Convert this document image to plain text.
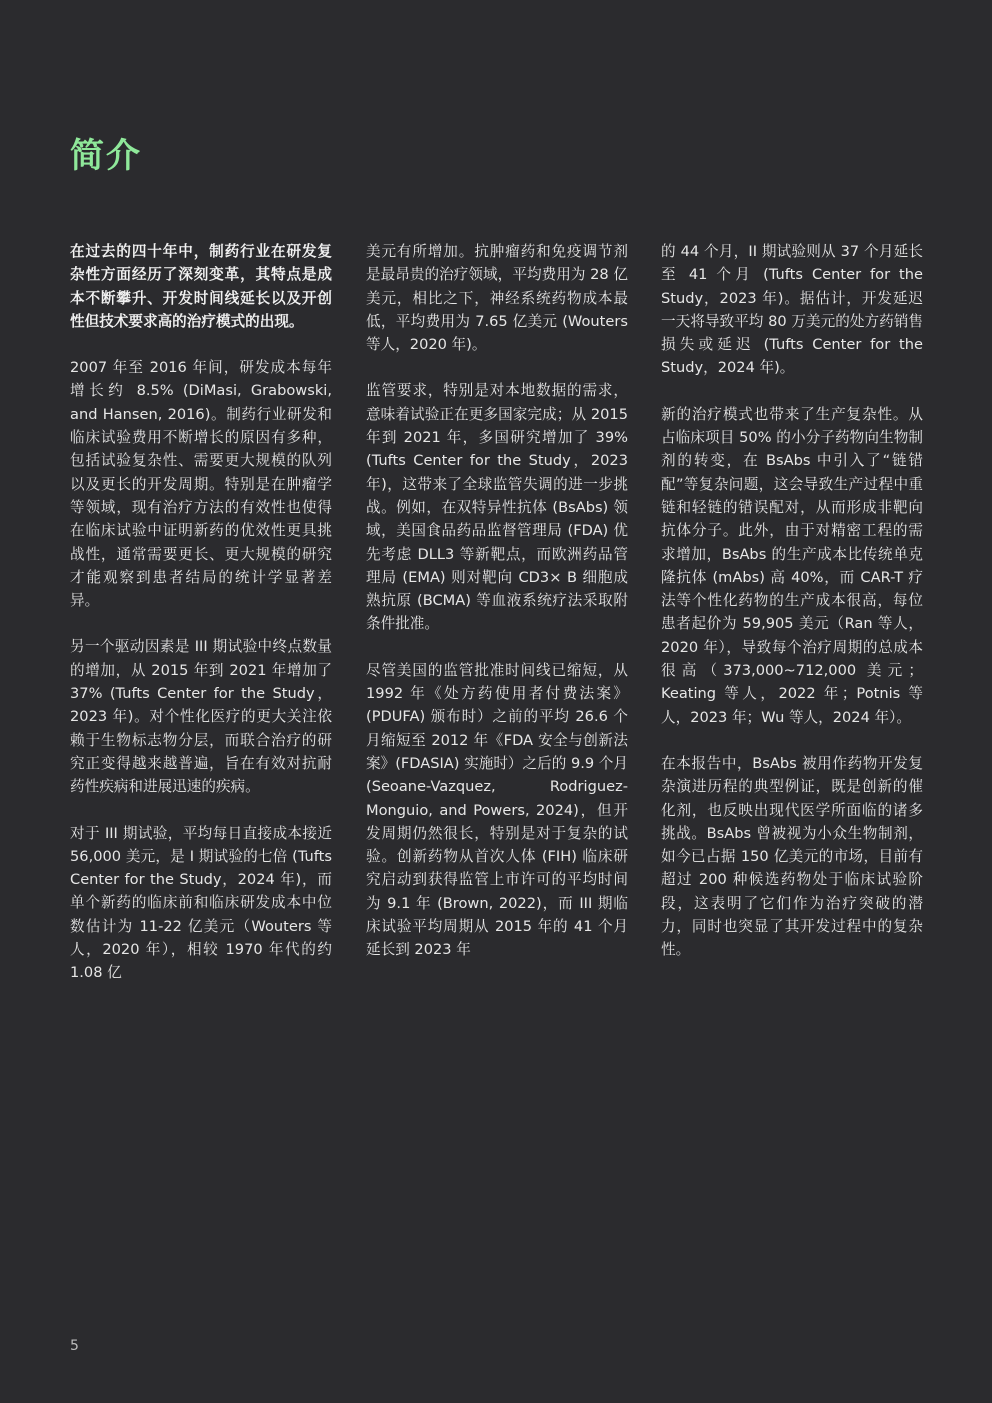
简介

在过去的四十年中，制药行业在研发复杂性方面经历了深刻变革，其特点是成本不断攀升、开发时间线延长以及开创性但技术要求高的治疗模式的出现。

2007 年至 2016 年间，研发成本每年增长约 8.5% (DiMasi, Grabowski, and Hansen, 2016)。制药行业研发和临床试验费用不断增长的原因有多种，包括试验复杂性、需要更大规模的队列以及更长的开发周期。特别是在肿瘤学等领域，现有治疗方法的有效性也使得在临床试验中证明新药的优效性更具挑战性，通常需要更长、更大规模的研究才能观察到患者结局的统计学显著差异。

另一个驱动因素是 III 期试验中终点数量的增加，从 2015 年到 2021 年增加了 37% (Tufts Center for the Study，2023 年)。对个性化医疗的更大关注依赖于生物标志物分层，而联合治疗的研究正变得越来越普遍，旨在有效对抗耐药性疾病和进展迅速的疾病。

对于 III 期试验，平均每日直接成本接近 56,000 美元，是 I 期试验的七倍 (Tufts Center for the Study，2024 年)，而单个新药的临床前和临床研发成本中位数估计为 11-22 亿美元（Wouters 等人，2020 年），相较 1970 年代的约 1.08 亿

美元有所增加。抗肿瘤药和免疫调节剂是最昂贵的治疗领域，平均费用为 28 亿美元，相比之下，神经系统药物成本最低，平均费用为 7.65 亿美元 (Wouters 等人，2020 年)。

监管要求，特别是对本地数据的需求，意味着试验正在更多国家完成；从 2015 年到 2021 年，多国研究增加了 39% (Tufts Center for the Study，2023 年)，这带来了全球监管失调的进一步挑战。例如，在双特异性抗体 (BsAbs) 领域，美国食品药品监督管理局 (FDA) 优先考虑 DLL3 等新靶点，而欧洲药品管理局 (EMA) 则对靶向 CD3× B 细胞成熟抗原 (BCMA) 等血液系统疗法采取附条件批准。

尽管美国的监管批准时间线已缩短，从 1992 年《处方药使用者付费法案》(PDUFA) 颁布时）之前的平均 26.6 个月缩短至 2012 年《FDA 安全与创新法案》(FDASIA) 实施时）之后的 9.9 个月 (Seoane-Vazquez, Rodriguez-Monguio, and Powers, 2024)，但开发周期仍然很长，特别是对于复杂的试验。创新药物从首次人体 (FIH) 临床研究启动到获得监管上市许可的平均时间为 9.1 年 (Brown, 2022)，而 III 期临床试验平均周期从 2015 年的 41 个月延长到 2023 年

的 44 个月，II 期试验则从 37 个月延长至 41 个月 (Tufts Center for the Study，2023 年)。据估计，开发延迟一天将导致平均 80 万美元的处方药销售损失或延迟 (Tufts Center for the Study，2024 年)。

新的治疗模式也带来了生产复杂性。从占临床项目 50% 的小分子药物向生物制剂的转变，在 BsAbs 中引入了“链错配”等复杂问题，这会导致生产过程中重链和轻链的错误配对，从而形成非靶向抗体分子。此外，由于对精密工程的需求增加，BsAbs 的生产成本比传统单克隆抗体 (mAbs) 高 40%，而 CAR-T 疗法等个性化药物的生产成本很高，每位患者起价为 59,905 美元（Ran 等人，2020 年），导致每个治疗周期的总成本很高（373,000~712,000 美元；Keating 等人，2022 年；Potnis 等人，2023 年；Wu 等人，2024 年）。

在本报告中，BsAbs 被用作药物开发复杂演进历程的典型例证，既是创新的催化剂，也反映出现代医学所面临的诸多挑战。BsAbs 曾被视为小众生物制剂，如今已占据 150 亿美元的市场，目前有超过 200 种候选药物处于临床试验阶段，这表明了它们作为治疗突破的潜力，同时也突显了其开发过程中的复杂性。

5
